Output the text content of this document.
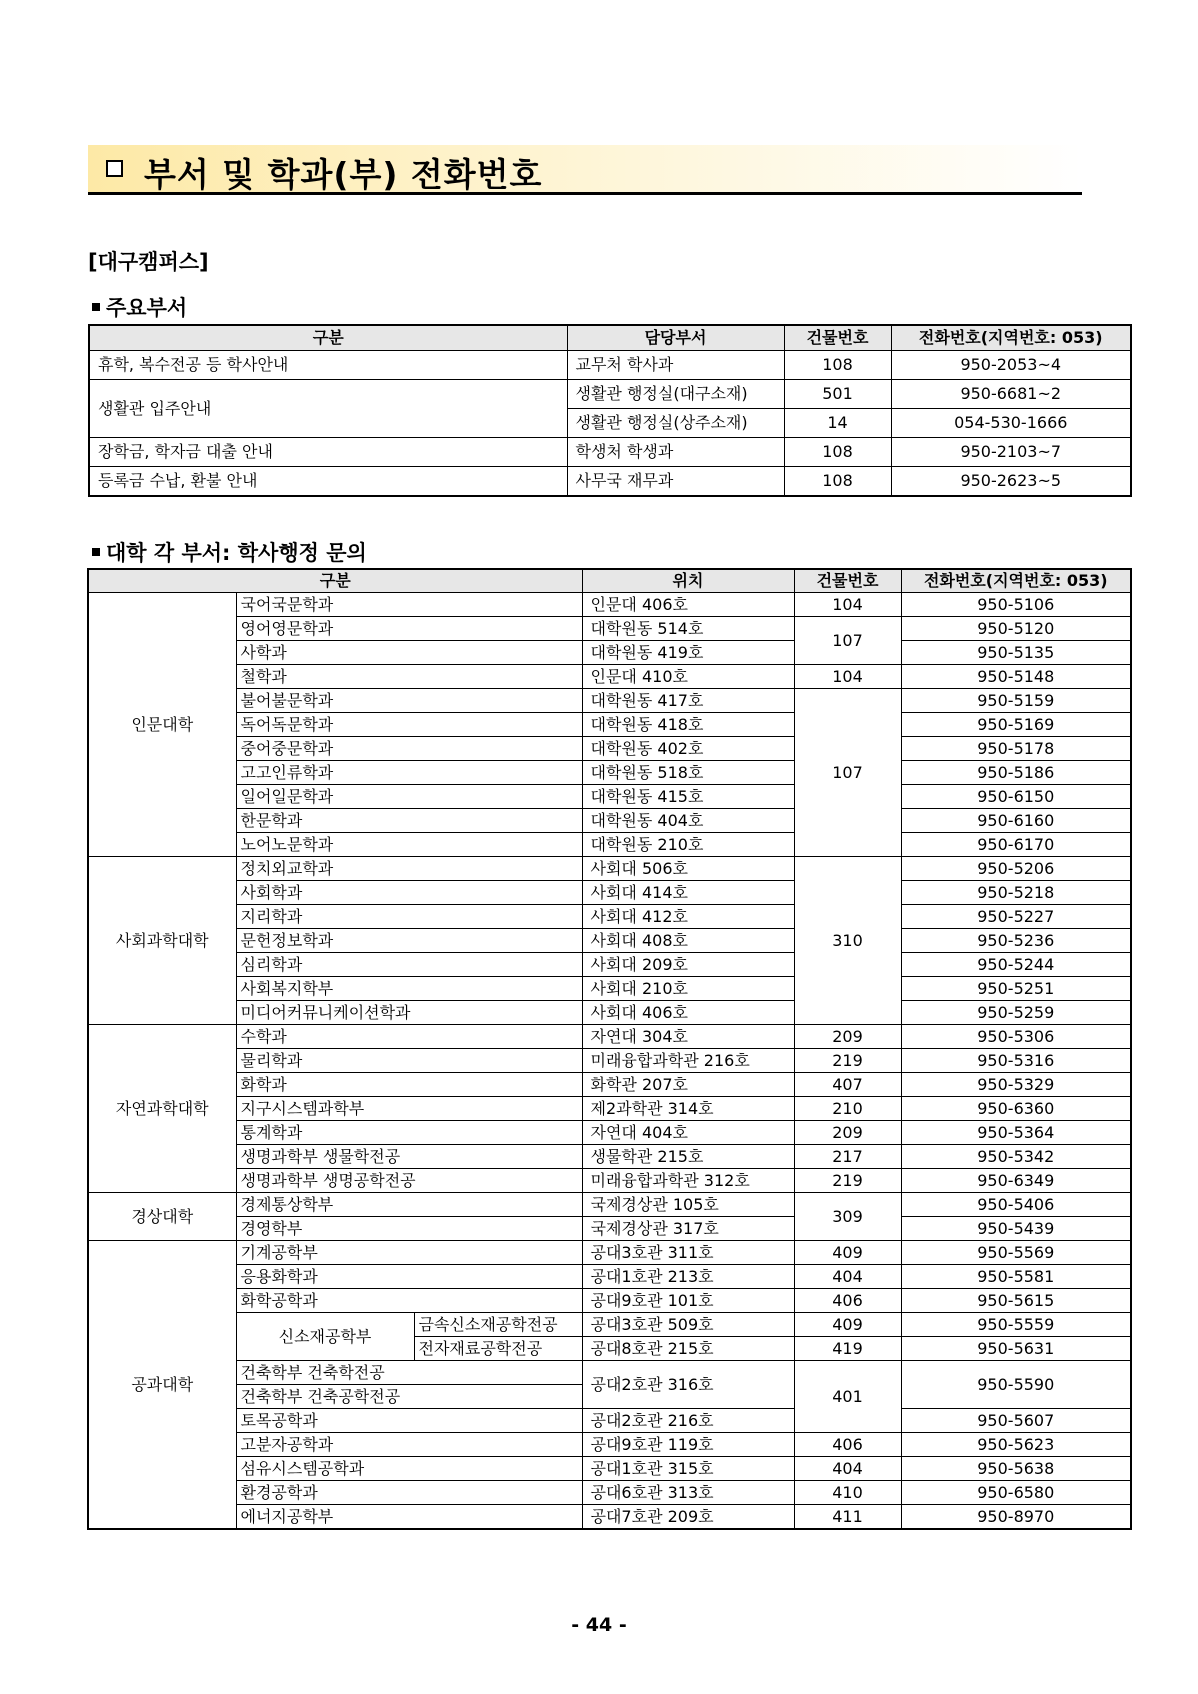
부서 및 학과(부) 전화번호
[대구캠퍼스]
주요부서
구분	담당부서	건물번호	전화번호(지역번호: 053)
휴학, 복수전공 등 학사안내	교무처 학사과	108	950-2053~4
생활관 입주안내	생활관 행정실(대구소재)	501	950-6681~2
	생활관 행정실(상주소재)	14	054-530-1666
장학금, 학자금 대출 안내	학생처 학생과	108	950-2103~7
등록금 수납, 환불 안내	사무국 재무과	108	950-2623~5
대학 각 부서: 학사행정 문의
구분			위치	건물번호	전화번호(지역번호: 053)
인문대학	국어국문학과		인문대 406호	104	950-5106
	영어영문학과		대학원동 514호	107	950-5120
	사학과		대학원동 419호		950-5135
	철학과		인문대 410호	104	950-5148
	불어불문학과		대학원동 417호	107	950-5159
	독어독문학과		대학원동 418호		950-5169
	중어중문학과		대학원동 402호		950-5178
	고고인류학과		대학원동 518호		950-5186
	일어일문학과		대학원동 415호		950-6150
	한문학과		대학원동 404호		950-6160
	노어노문학과		대학원동 210호		950-6170
사회과학대학	정치외교학과		사회대 506호	310	950-5206
	사회학과		사회대 414호		950-5218
	지리학과		사회대 412호		950-5227
	문헌정보학과		사회대 408호		950-5236
	심리학과		사회대 209호		950-5244
	사회복지학부		사회대 210호		950-5251
	미디어커뮤니케이션학과		사회대 406호		950-5259
자연과학대학	수학과		자연대 304호	209	950-5306
	물리학과		미래융합과학관 216호	219	950-5316
	화학과		화학관 207호	407	950-5329
	지구시스템과학부		제2과학관 314호	210	950-6360
	통계학과		자연대 404호	209	950-5364
	생명과학부 생물학전공		생물학관 215호	217	950-5342
	생명과학부 생명공학전공		미래융합과학관 312호	219	950-6349
경상대학	경제통상학부		국제경상관 105호	309	950-5406
	경영학부		국제경상관 317호		950-5439
공과대학	기계공학부		공대3호관 311호	409	950-5569
	응용화학과		공대1호관 213호	404	950-5581
	화학공학과		공대9호관 101호	406	950-5615
	신소재공학부	금속신소재공학전공	공대3호관 509호	409	950-5559
		전자재료공학전공	공대8호관 215호	419	950-5631
	건축학부 건축학전공		공대2호관 316호	401	950-5590
	건축학부 건축공학전공				
	토목공학과		공대2호관 216호		950-5607
	고분자공학과		공대9호관 119호	406	950-5623
	섬유시스템공학과		공대1호관 315호	404	950-5638
	환경공학과		공대6호관 313호	410	950-6580
	에너지공학부		공대7호관 209호	411	950-8970
- 44 -
